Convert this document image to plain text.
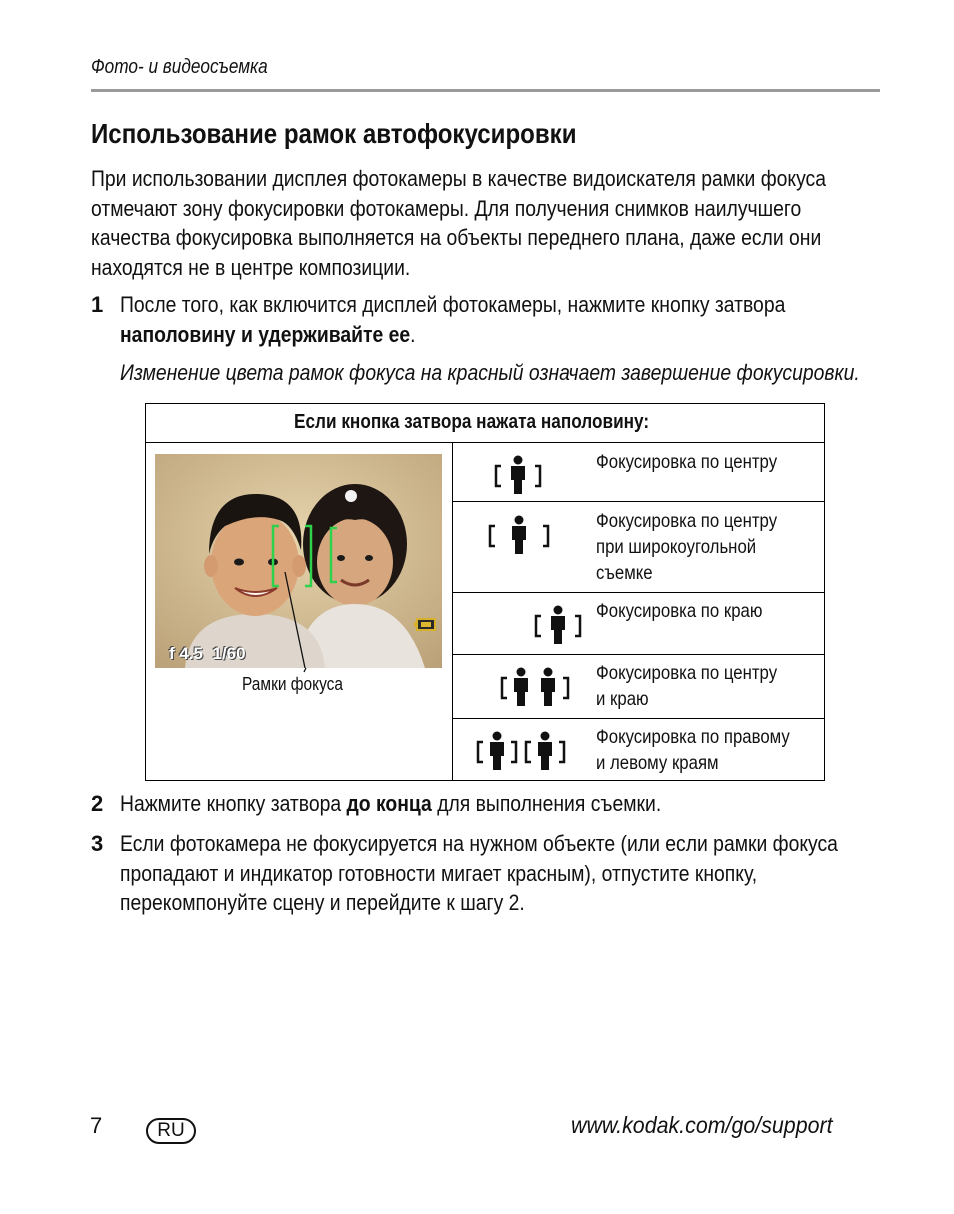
Фото- и видеосъемка
Использование рамок автофокусировки
При использовании дисплея фотокамеры в качестве видоискателя рамки фокуса
отмечают зону фокусировки фотокамеры. Для получения снимков наилучшего
качества фокусировка выполняется на объекты переднего плана, даже если они
находятся не в центре композиции.
1 После того, как включится дисплей фотокамеры, нажмите кнопку затвора
наполовину и удерживайте ее.
Изменение цвета рамок фокуса на красный означает завершение фокусировки.
Если кнопка затвора нажата наполовину:
f 4.5 1/60
Рамки фокуса
Фокусировка по центру
Фокусировка по центру
при широкоугольной
съемке
Фокусировка по краю
Фокусировка по центру
и краю
Фокусировка по правому
и левому краям
2 Нажмите кнопку затвора до конца для выполнения съемки.
3 Если фотокамера не фокусируется на нужном объекте (или если рамки фокуса
пропадают и индикатор готовности мигает красным), отпустите кнопку,
перекомпонуйте сцену и перейдите к шагу 2.
7	RU	www.kodak.com/go/support
